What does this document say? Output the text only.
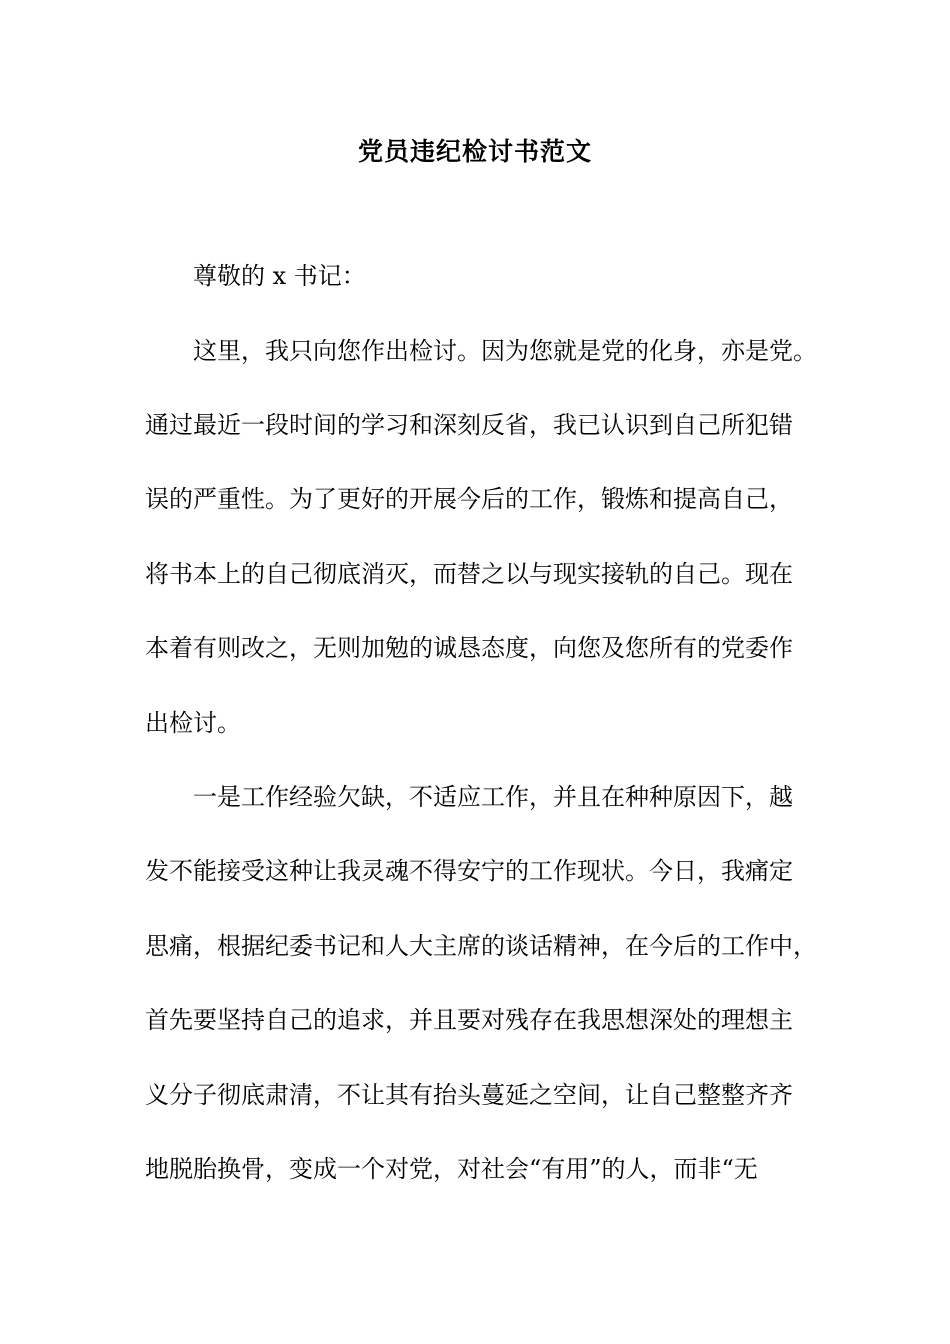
党员违纪检讨书范文
尊敬的 x 书记：
这里，我只向您作出检讨。因为您就是党的化身，亦是党。
通过最近一段时间的学习和深刻反省，我已认识到自己所犯错
误的严重性。为了更好的开展今后的工作，锻炼和提高自己，
将书本上的自己彻底消灭，而替之以与现实接轨的自己。现在
本着有则改之，无则加勉的诚恳态度，向您及您所有的党委作
出检讨。
一是工作经验欠缺，不适应工作，并且在种种原因下，越
发不能接受这种让我灵魂不得安宁的工作现状。今日，我痛定
思痛，根据纪委书记和人大主席的谈话精神，在今后的工作中，
首先要坚持自己的追求，并且要对残存在我思想深处的理想主
义分子彻底肃清，不让其有抬头蔓延之空间，让自己整整齐齐
地脱胎换骨，变成一个对党，对社会“有用”的人，而非“无
